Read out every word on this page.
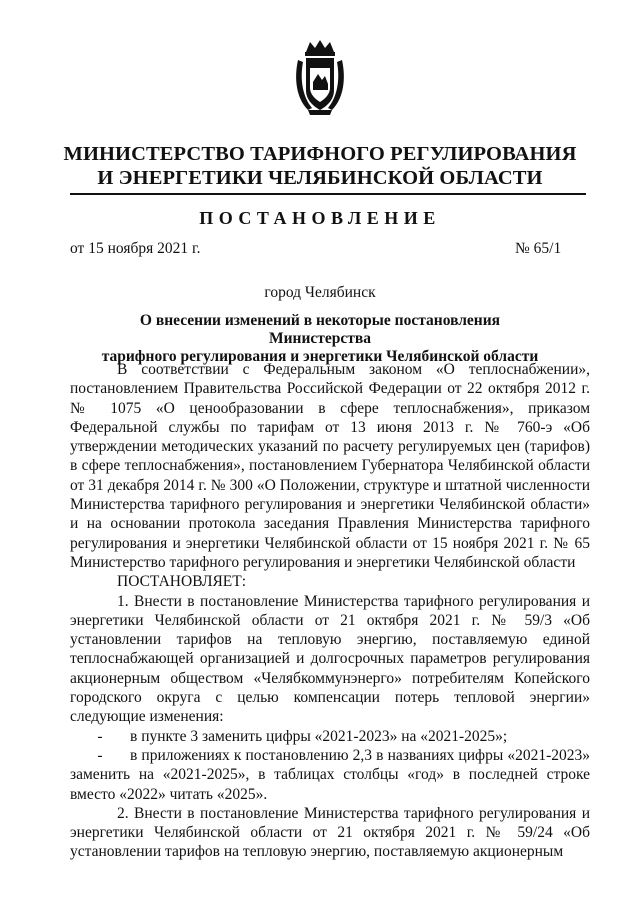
МИНИСТЕРСТВО ТАРИФНОГО РЕГУЛИРОВАНИЯ
И ЭНЕРГЕТИКИ ЧЕЛЯБИНСКОЙ ОБЛАСТИ
ПОСТАНОВЛЕНИЕ
от 15 ноября 2021 г.	№ 65/1
город Челябинск
О внесении изменений в некоторые постановления Министерства
тарифного регулирования и энергетики Челябинской области

В соответствии с Федеральным законом «О теплоснабжении», постановлением Правительства Российской Федерации от 22 октября 2012 г. № 1075 «О ценообразовании в сфере теплоснабжения», приказом Федеральной службы по тарифам от 13 июня 2013 г. № 760-э «Об утверждении методических указаний по расчету регулируемых цен (тарифов) в сфере теплоснабжения», постановлением Губернатора Челябинской области от 31 декабря 2014 г. № 300 «О Положении, структуре и штатной численности Министерства тарифного регулирования и энергетики Челябинской области» и на основании протокола заседания Правления Министерства тарифного регулирования и энергетики Челябинской области от 15 ноября 2021 г. № 65 Министерство тарифного регулирования и энергетики Челябинской области

ПОСТАНОВЛЯЕТ:

1. Внести в постановление Министерства тарифного регулирования и энергетики Челябинской области от 21 октября 2021 г. № 59/3 «Об установлении тарифов на тепловую энергию, поставляемую единой теплоснабжающей организацией и долгосрочных параметров регулирования акционерным обществом «Челябкоммунэнерго» потребителям Копейского городского округа с целью компенсации потерь тепловой энергии» следующие изменения:

- в пункте 3 заменить цифры «2021-2023» на «2021-2025»;

- в приложениях к постановлению 2,3 в названиях цифры «2021-2023» заменить на «2021-2025», в таблицах столбцы «год» в последней строке вместо «2022» читать «2025».

2. Внести в постановление Министерства тарифного регулирования и энергетики Челябинской области от 21 октября 2021 г. № 59/24 «Об установлении тарифов на тепловую энергию, поставляемую акционерным
